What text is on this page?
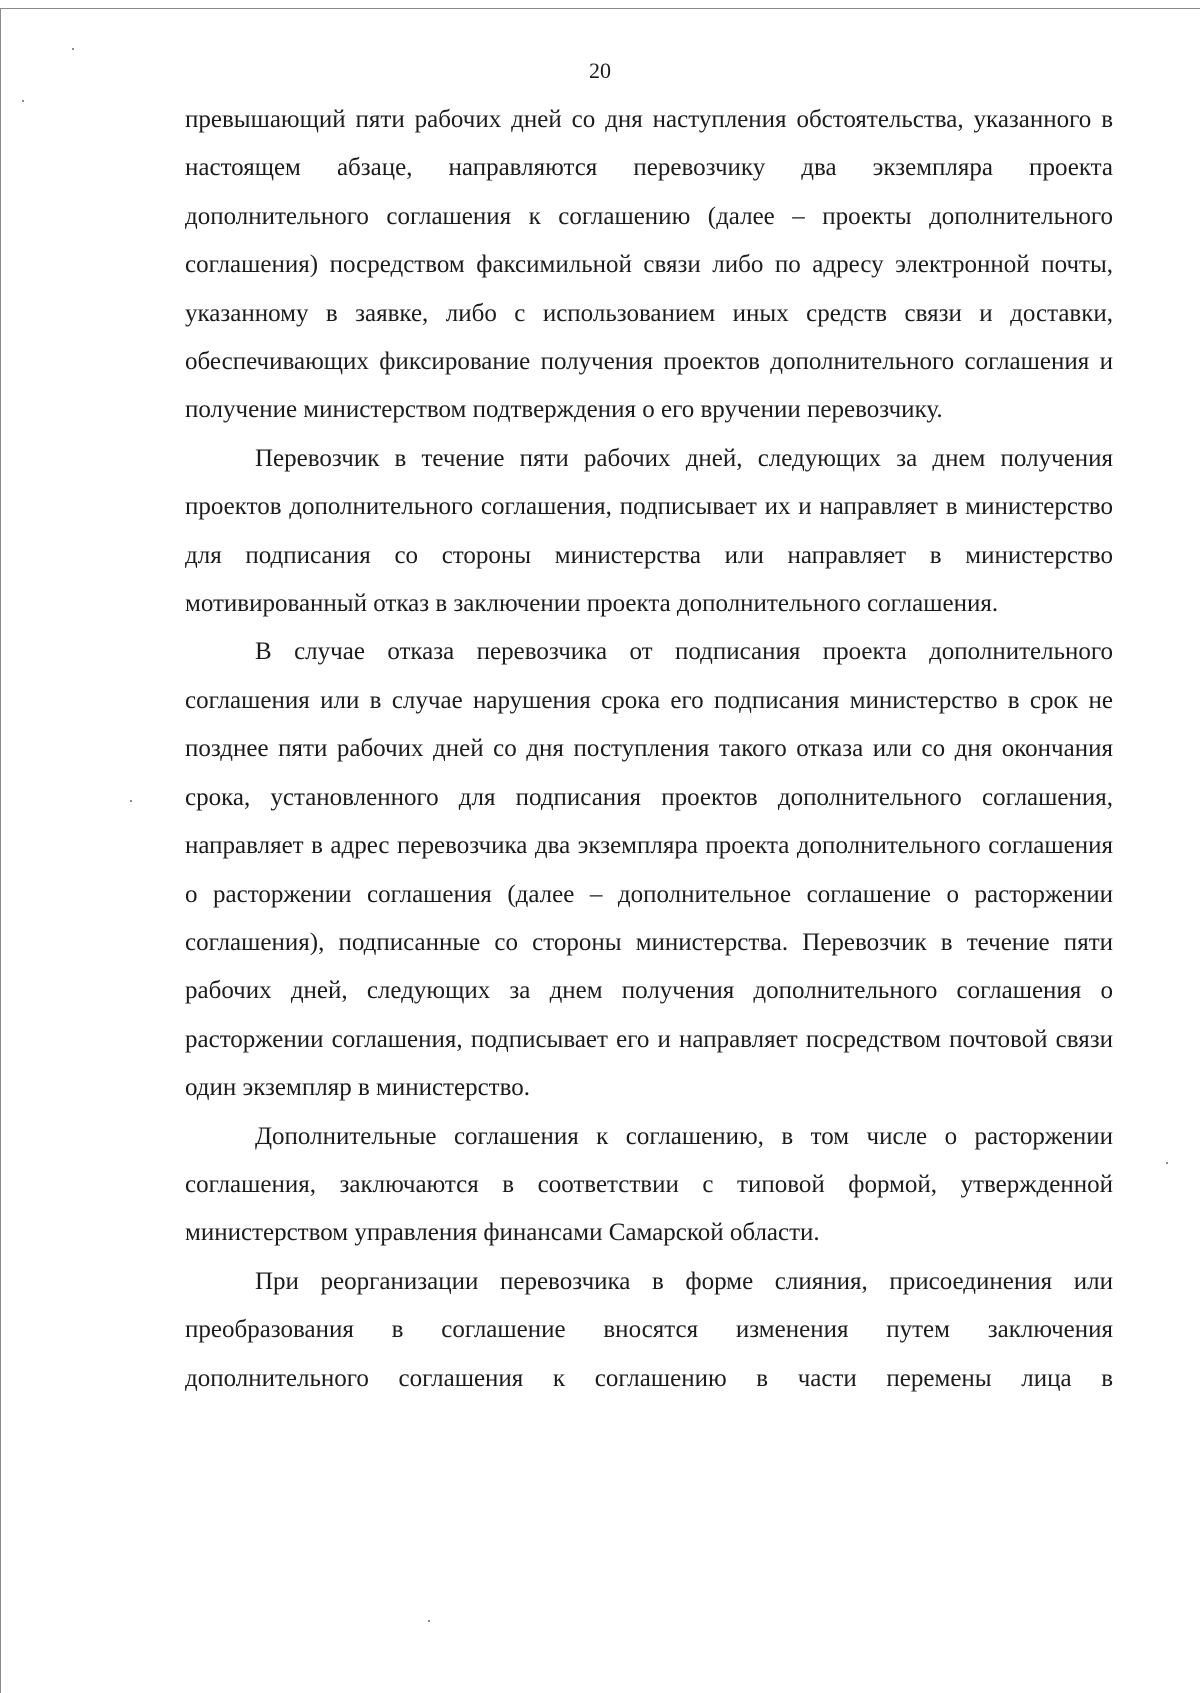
20

превышающий пяти рабочих дней со дня наступления обстоятельства, указанного в настоящем абзаце, направляются перевозчику два экземпляра проекта дополнительного соглашения к соглашению (далее – проекты дополнительного соглашения) посредством факсимильной связи либо по адресу электронной почты, указанному в заявке, либо с использованием иных средств связи и доставки, обеспечивающих фиксирование получения проектов дополнительного соглашения и получение министерством подтверждения о его вручении перевозчику.

Перевозчик в течение пяти рабочих дней, следующих за днем получения проектов дополнительного соглашения, подписывает их и направляет в министерство для подписания со стороны министерства или направляет в министерство мотивированный отказ в заключении проекта дополнительного соглашения.

В случае отказа перевозчика от подписания проекта дополнительного соглашения или в случае нарушения срока его подписания министерство в срок не позднее пяти рабочих дней со дня поступления такого отказа или со дня окончания срока, установленного для подписания проектов дополнительного соглашения, направляет в адрес перевозчика два экземпляра проекта дополнительного соглашения о расторжении соглашения (далее – дополнительное соглашение о расторжении соглашения), подписанные со стороны министерства. Перевозчик в течение пяти рабочих дней, следующих за днем получения дополнительного соглашения о расторжении соглашения, подписывает его и направляет посредством почтовой связи один экземпляр в министерство.

Дополнительные соглашения к соглашению, в том числе о расторжении соглашения, заключаются в соответствии с типовой формой, утвержденной министерством управления финансами Самарской области.

При реорганизации перевозчика в форме слияния, присоединения или преобразования в соглашение вносятся изменения путем заключения дополнительного соглашения к соглашению в части перемены лица в
